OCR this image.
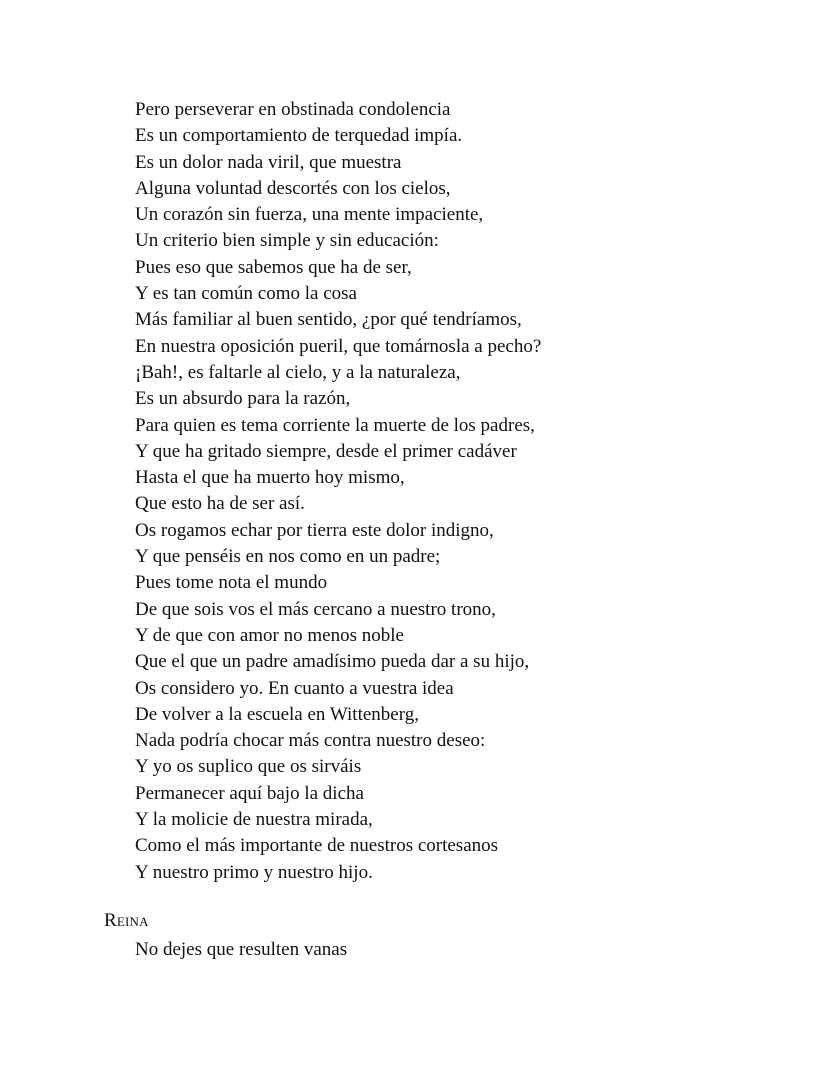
Pero perseverar en obstinada condolencia
Es un comportamiento de terquedad impía.
Es un dolor nada viril, que muestra
Alguna voluntad descortés con los cielos,
Un corazón sin fuerza, una mente impaciente,
Un criterio bien simple y sin educación:
Pues eso que sabemos que ha de ser,
Y es tan común como la cosa
Más familiar al buen sentido, ¿por qué tendríamos,
En nuestra oposición pueril, que tomárnosla a pecho?
¡Bah!, es faltarle al cielo, y a la naturaleza,
Es un absurdo para la razón,
Para quien es tema corriente la muerte de los padres,
Y que ha gritado siempre, desde el primer cadáver
Hasta el que ha muerto hoy mismo,
Que esto ha de ser así.
Os rogamos echar por tierra este dolor indigno,
Y que penséis en nos como en un padre;
Pues tome nota el mundo
De que sois vos el más cercano a nuestro trono,
Y de que con amor no menos noble
Que el que un padre amadísimo pueda dar a su hijo,
Os considero yo. En cuanto a vuestra idea
De volver a la escuela en Wittenberg,
Nada podría chocar más contra nuestro deseo:
Y yo os suplico que os sirváis
Permanecer aquí bajo la dicha
Y la molicie de nuestra mirada,
Como el más importante de nuestros cortesanos
Y nuestro primo y nuestro hijo.
Reina
No dejes que resulten vanas
